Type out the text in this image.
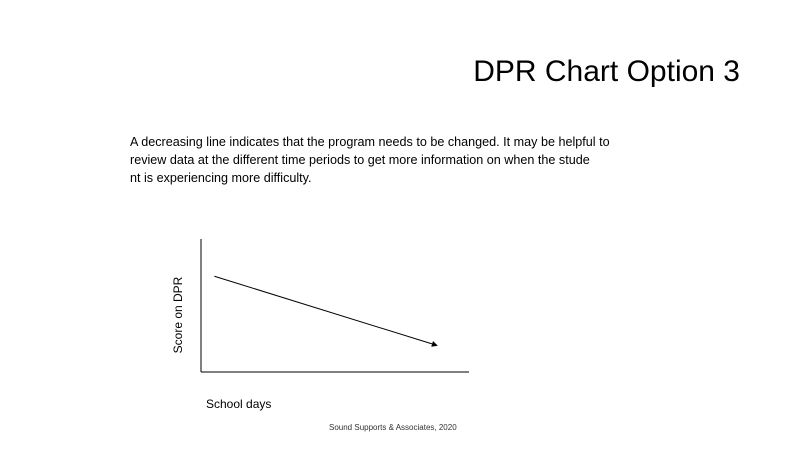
DPR Chart Option 3
A decreasing line indicates that the program needs to be changed. It may be helpful to
review data at the different time periods to get more information on when the stude
nt is experiencing more difficulty.
Score on DPR
School days
Sound Supports & Associates, 2020
